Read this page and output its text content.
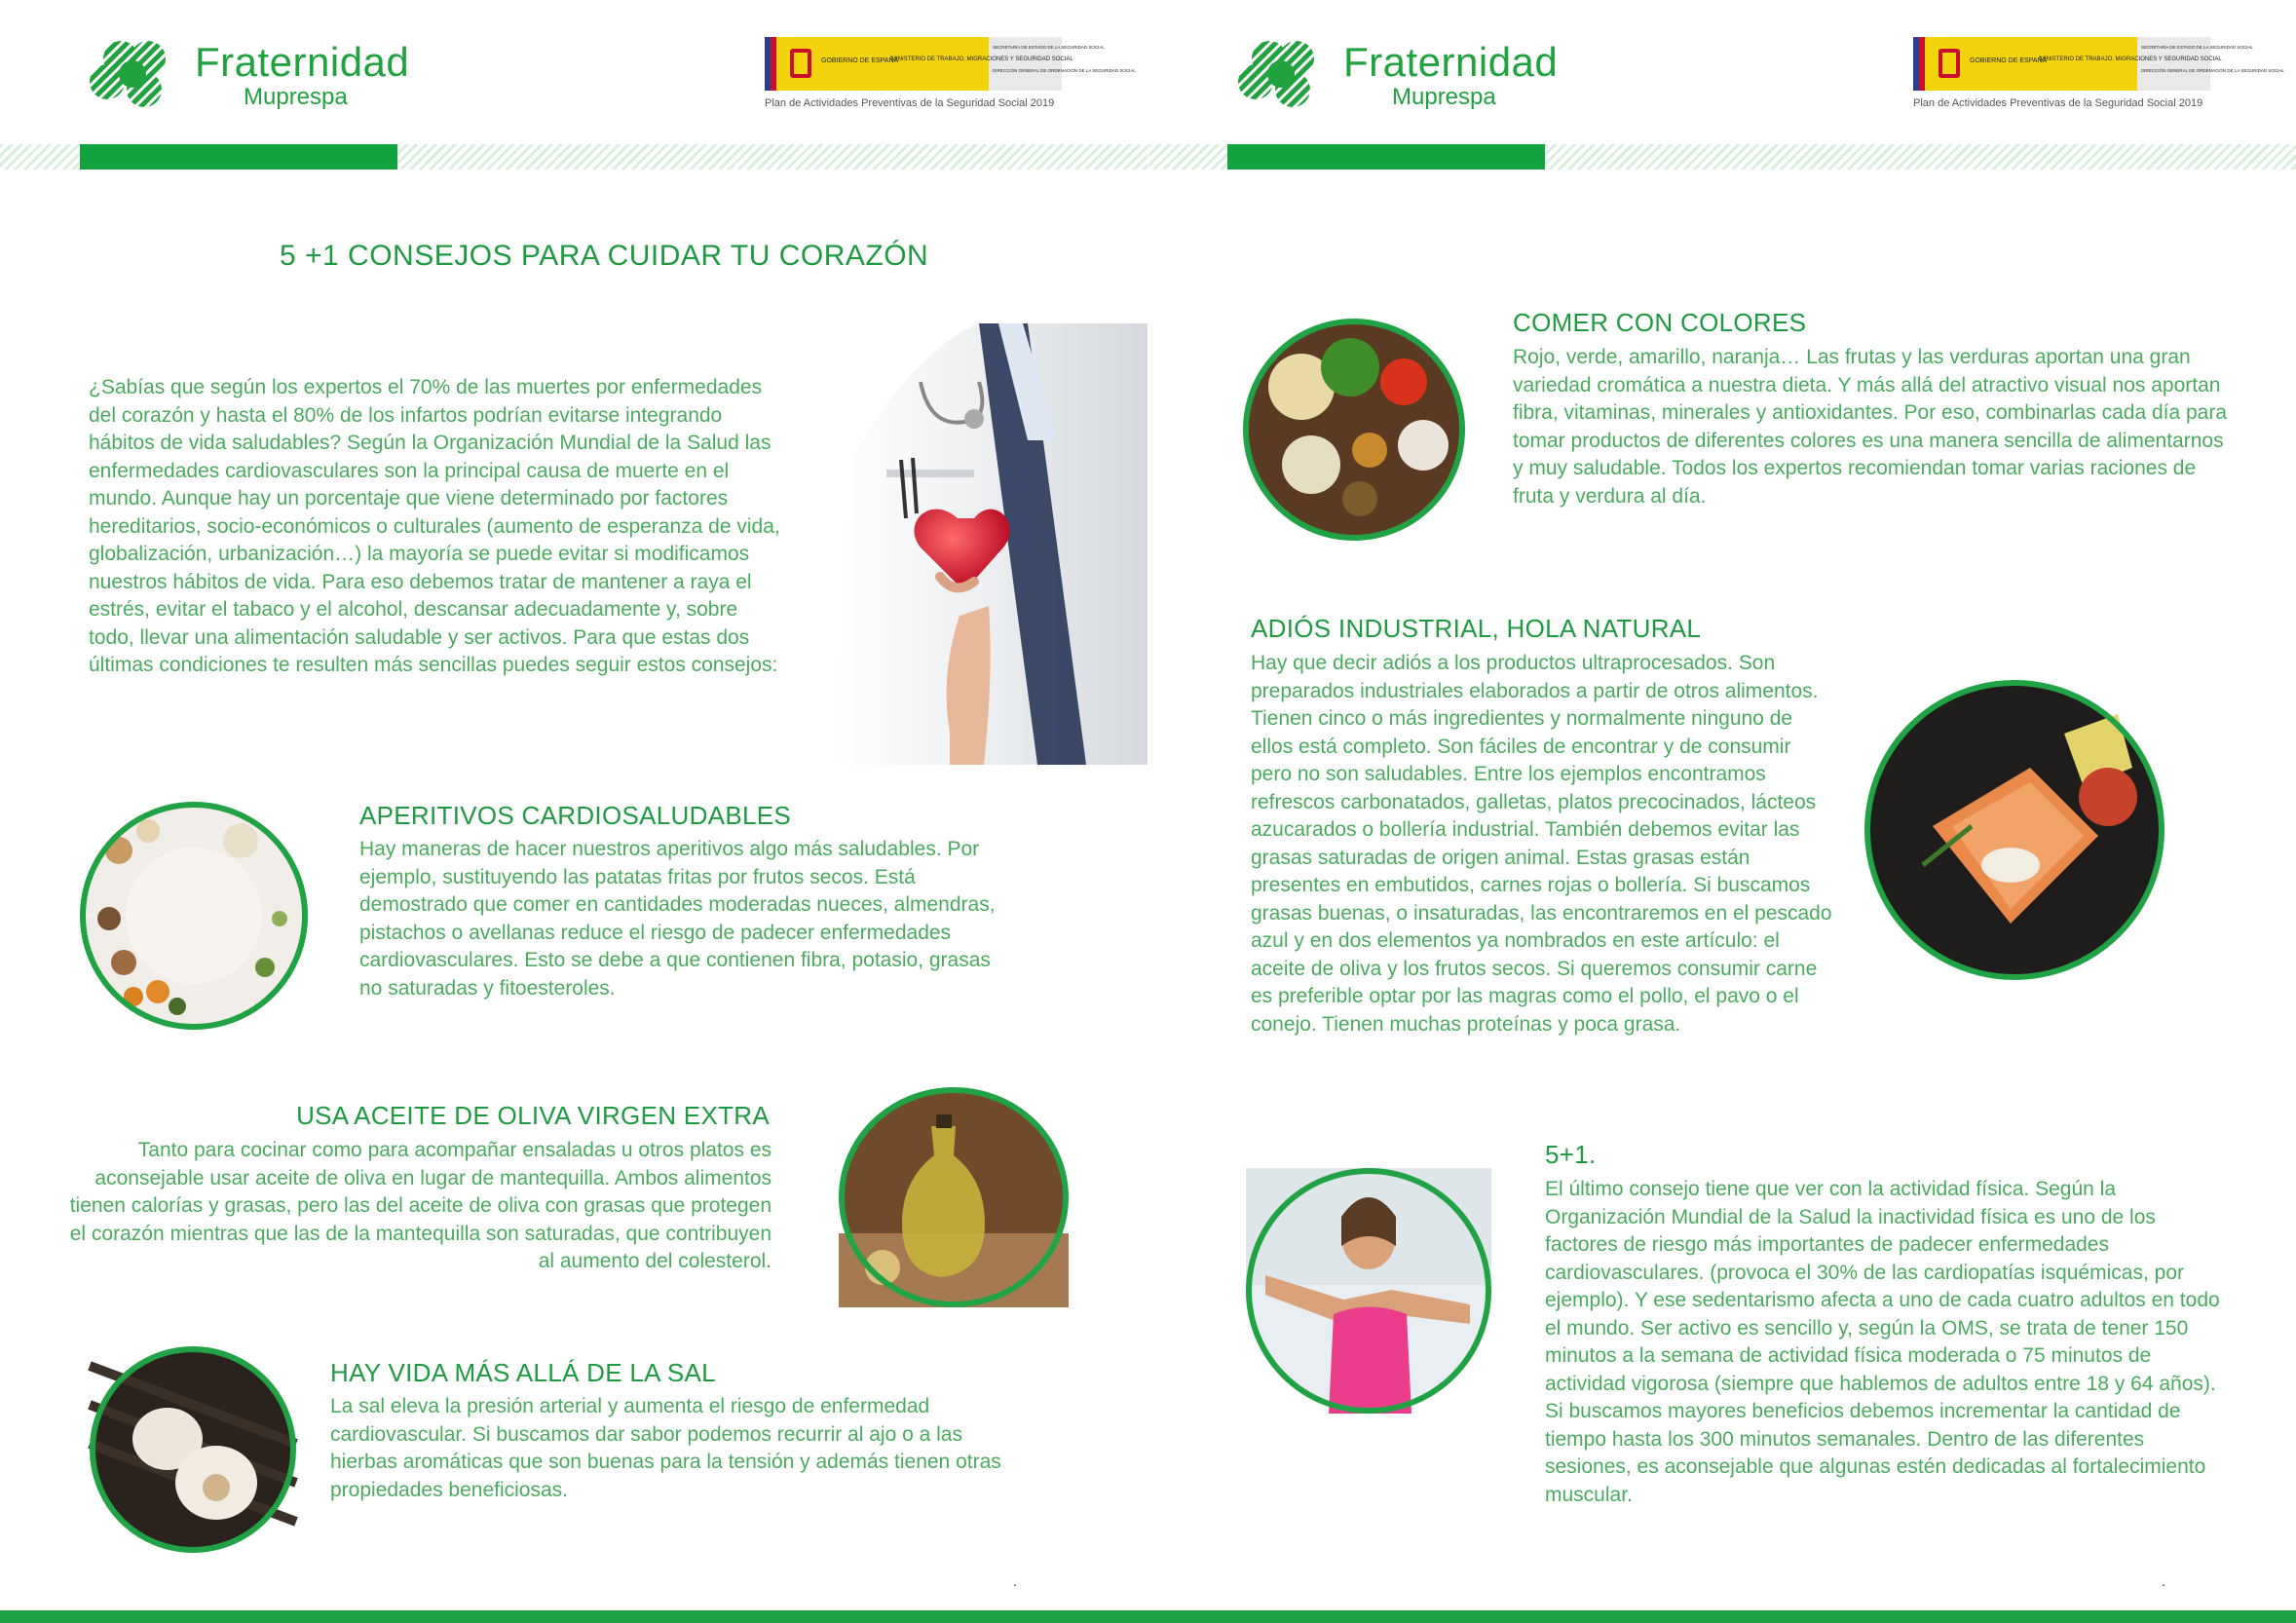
Fraternidad
Muprespa
GOBIERNO DE ESPAÑA
MINISTERIO DE TRABAJO, MIGRACIONES Y SEGURIDAD SOCIAL
SECRETARÍA DE ESTADO DE LA SEGURIDAD SOCIAL
DIRECCIÓN GENERAL DE ORDENACIÓN DE LA SEGURIDAD SOCIAL
Plan de Actividades Preventivas de la Seguridad Social 2019
5 +1 CONSEJOS PARA CUIDAR TU CORAZÓN
¿Sabías que según los expertos el 70% de las muertes por enfermedades del corazón y hasta el 80% de los infartos podrían evitarse integrando hábitos de vida saludables? Según la Organización Mundial de la Salud las enfermedades cardiovasculares son la principal causa de muerte en el mundo. Aunque hay un porcentaje que viene determinado por factores hereditarios, socio-económicos o culturales (aumento de esperanza de vida, globalización, urbanización…) la mayoría se puede evitar si modificamos nuestros hábitos de vida. Para eso debemos tratar de mantener a raya el estrés, evitar el tabaco y el alcohol, descansar adecuadamente y, sobre todo, llevar una alimentación saludable y ser activos. Para que estas dos últimas condiciones te resulten más sencillas puedes seguir estos consejos:
APERITIVOS CARDIOSALUDABLES
Hay maneras de hacer nuestros aperitivos algo más saludables. Por ejemplo, sustituyendo las patatas fritas por frutos secos. Está demostrado que comer en cantidades moderadas nueces, almendras, pistachos o avellanas reduce el riesgo de padecer enfermedades cardiovasculares. Esto se debe a que contienen fibra, potasio, grasas no saturadas y fitoesteroles.
USA ACEITE DE OLIVA VIRGEN EXTRA
Tanto para cocinar como para acompañar ensaladas u otros platos es aconsejable usar aceite de oliva en lugar de mantequilla. Ambos alimentos tienen calorías y grasas, pero las del aceite de oliva con grasas que protegen el corazón mientras que las de la mantequilla son saturadas, que contribuyen al aumento del colesterol.
HAY VIDA MÁS ALLÁ DE LA SAL
La sal eleva la presión arterial y aumenta el riesgo de enfermedad cardiovascular. Si buscamos dar sabor podemos recurrir al ajo o a las hierbas aromáticas que son buenas para la tensión y además tienen otras propiedades beneficiosas.
.
Fraternidad
Muprespa
GOBIERNO DE ESPAÑA
MINISTERIO DE TRABAJO, MIGRACIONES Y SEGURIDAD SOCIAL
SECRETARÍA DE ESTADO DE LA SEGURIDAD SOCIAL
DIRECCIÓN GENERAL DE ORDENACIÓN DE LA SEGURIDAD SOCIAL
Plan de Actividades Preventivas de la Seguridad Social 2019
COMER CON COLORES
Rojo, verde, amarillo, naranja… Las frutas y las verduras aportan una gran variedad cromática a nuestra dieta. Y más allá del atractivo visual nos aportan fibra, vitaminas, minerales y antioxidantes. Por eso, combinarlas cada día para tomar productos de diferentes colores es una manera sencilla de alimentarnos y muy saludable. Todos los expertos recomiendan tomar varias raciones de fruta y verdura al día.
ADIÓS INDUSTRIAL, HOLA NATURAL
Hay que decir adiós a los productos ultraprocesados. Son preparados industriales elaborados a partir de otros alimentos. Tienen cinco o más ingredientes y normalmente ninguno de ellos está completo. Son fáciles de encontrar y de consumir pero no son saludables. Entre los ejemplos encontramos refrescos carbonatados, galletas, platos precocinados, lácteos azucarados o bollería industrial. También debemos evitar las grasas saturadas de origen animal. Estas grasas están presentes en embutidos, carnes rojas o bollería. Si buscamos grasas buenas, o insaturadas, las encontraremos en el pescado azul y en dos elementos ya nombrados en este artículo: el aceite de oliva y los frutos secos. Si queremos consumir carne es preferible optar por las magras como el pollo, el pavo o el conejo. Tienen muchas proteínas y poca grasa.
5+1.
El último consejo tiene que ver con la actividad física. Según la Organización Mundial de la Salud la inactividad física es uno de los factores de riesgo más importantes de padecer enfermedades cardiovasculares. (provoca el 30% de las cardiopatías isquémicas, por ejemplo). Y ese sedentarismo afecta a uno de cada cuatro adultos en todo el mundo. Ser activo es sencillo y, según la OMS, se trata de tener 150 minutos a la semana de actividad física moderada o 75 minutos de actividad vigorosa (siempre que hablemos de adultos entre 18 y 64 años). Si buscamos mayores beneficios debemos incrementar la cantidad de tiempo hasta los 300 minutos semanales. Dentro de las diferentes sesiones, es aconsejable que algunas estén dedicadas al fortalecimiento muscular.
.
